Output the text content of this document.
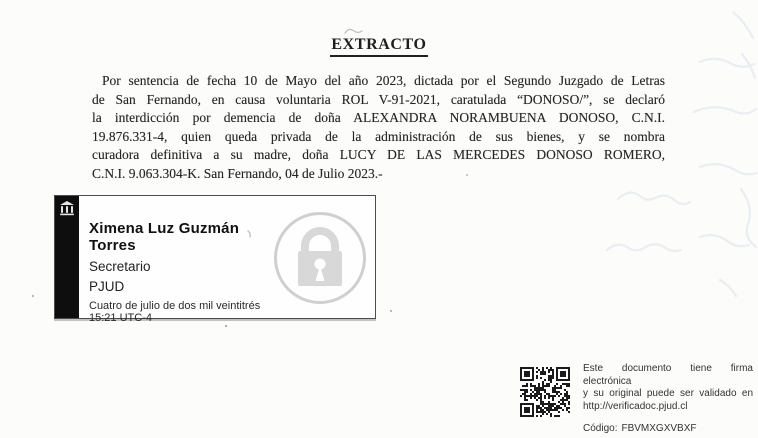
EXTRACTO
Por sentencia de fecha 10 de Mayo del año 2023, dictada por el Segundo Juzgado de Letras
de San Fernando, en causa voluntaria ROL V-91-2021, caratulada “DONOSO/”, se declaró
la interdicción por demencia de doña ALEXANDRA NORAMBUENA DONOSO, C.N.I.
19.876.331-4, quien queda privada de la administración de sus bienes, y se nombra
curadora definitiva a su madre, doña LUCY DE LAS MERCEDES DONOSO ROMERO,
C.N.I. 9.063.304-K. San Fernando, 04 de Julio 2023.-
Ximena Luz Guzmán Torres
Secretario
PJUD
Cuatro de julio de dos mil veintitrés
15:21 UTC-4
Este documento tiene firma electrónica
y su original puede ser validado en
http://verificadoc.pjud.cl
Código: FBVMXGXVBXF
